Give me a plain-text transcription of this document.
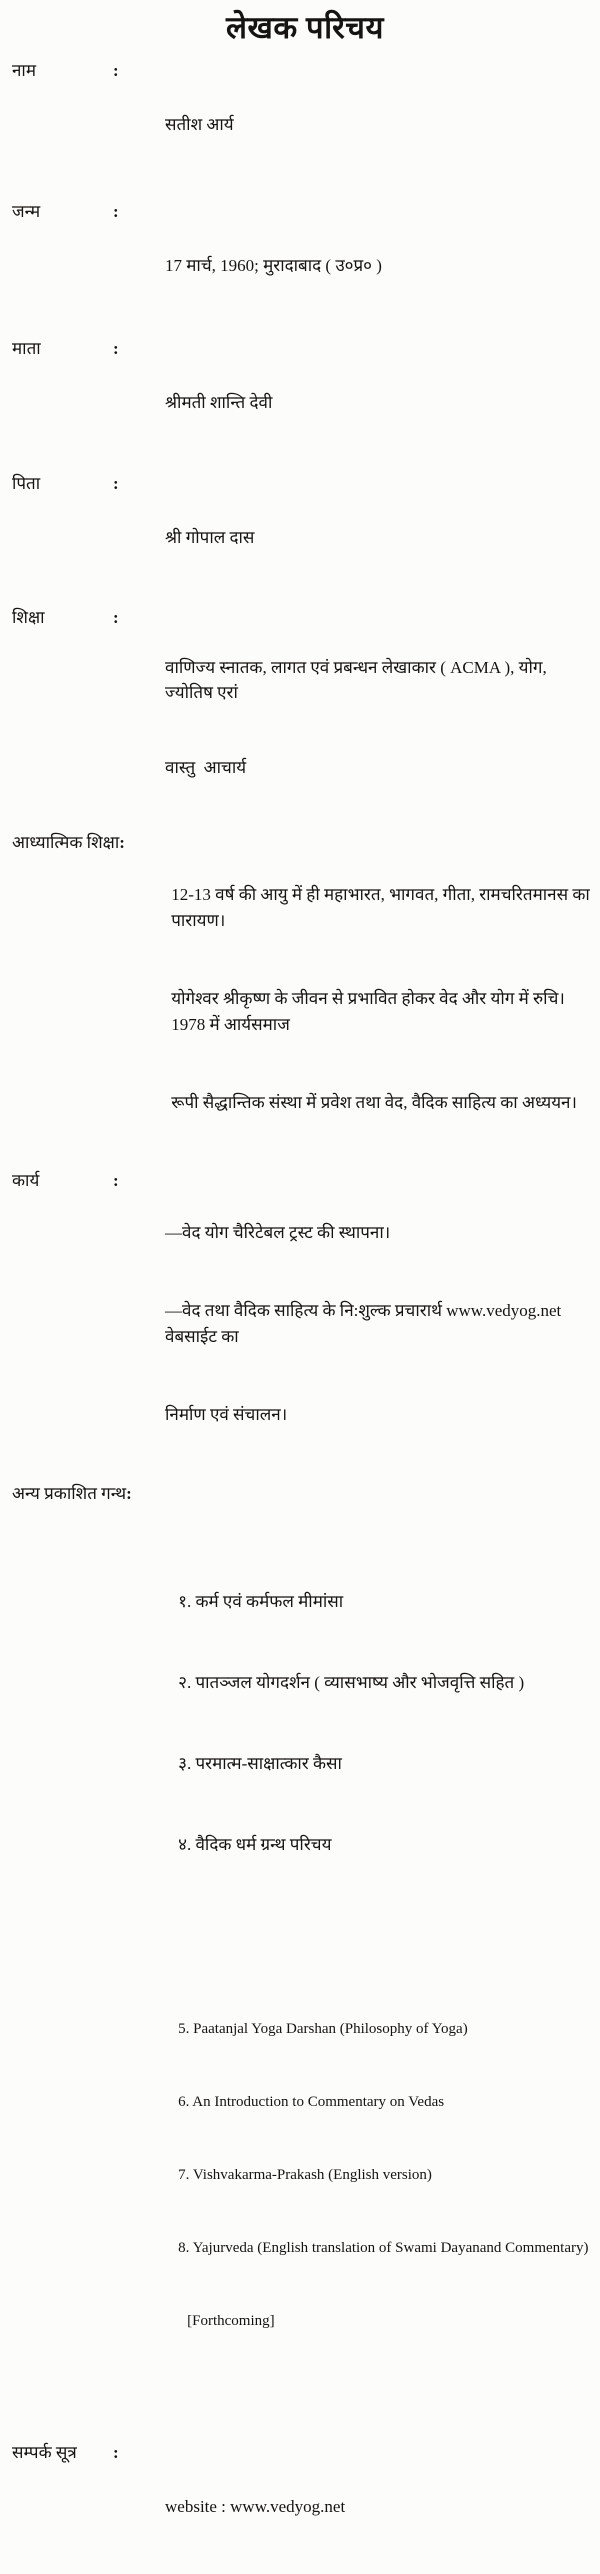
लेखक परिचय
नाम	:

सतीश आर्य

जन्म	:

17 मार्च, 1960; मुरादाबाद ( उ०प्र० )

माता	:

श्रीमती शान्ति देवी

पिता	:

श्री गोपाल दास

शिक्षा	:

वाणिज्य स्नातक, लागत एवं प्रबन्धन लेखाकार ( ACMA ), योग, ज्योतिष एरां

वास्तु  आचार्य

आध्यात्मिक शिक्षा :

12-13 वर्ष की आयु में ही महाभारत, भागवत, गीता, रामचरितमानस का पारायण।

योगेश्वर श्रीकृष्ण के जीवन से प्रभावित होकर वेद और योग में रुचि। 1978 में आर्यसमाज

रूपी सैद्धान्तिक संस्था में प्रवेश तथा वेद, वैदिक साहित्य का अध्ययन।

कार्य	:

—वेद योग चैरिटेबल ट्रस्ट की स्थापना।

—वेद तथा वैदिक साहित्य के नि:शुल्क प्रचारार्थ www.vedyog.net वेबसाईट का

निर्माण एवं संचालन।

अन्य प्रकाशित गन्थ :

१. कर्म एवं कर्मफल मीमांसा

२. पातञ्जल योगदर्शन ( व्यासभाष्य और भोजवृत्ति सहित )

३. परमात्म-साक्षात्कार कैसा

४. वैदिक धर्म ग्रन्थ परिचय

5. Paatanjal Yoga Darshan (Philosophy of Yoga)

6. An Introduction to Commentary on Vedas

7. Vishvakarma-Prakash (English version)

8. Yajurveda (English translation of Swami Dayanand Commentary)

[Forthcoming]

सम्पर्क सूत्र	:

website : www.vedyog.net
